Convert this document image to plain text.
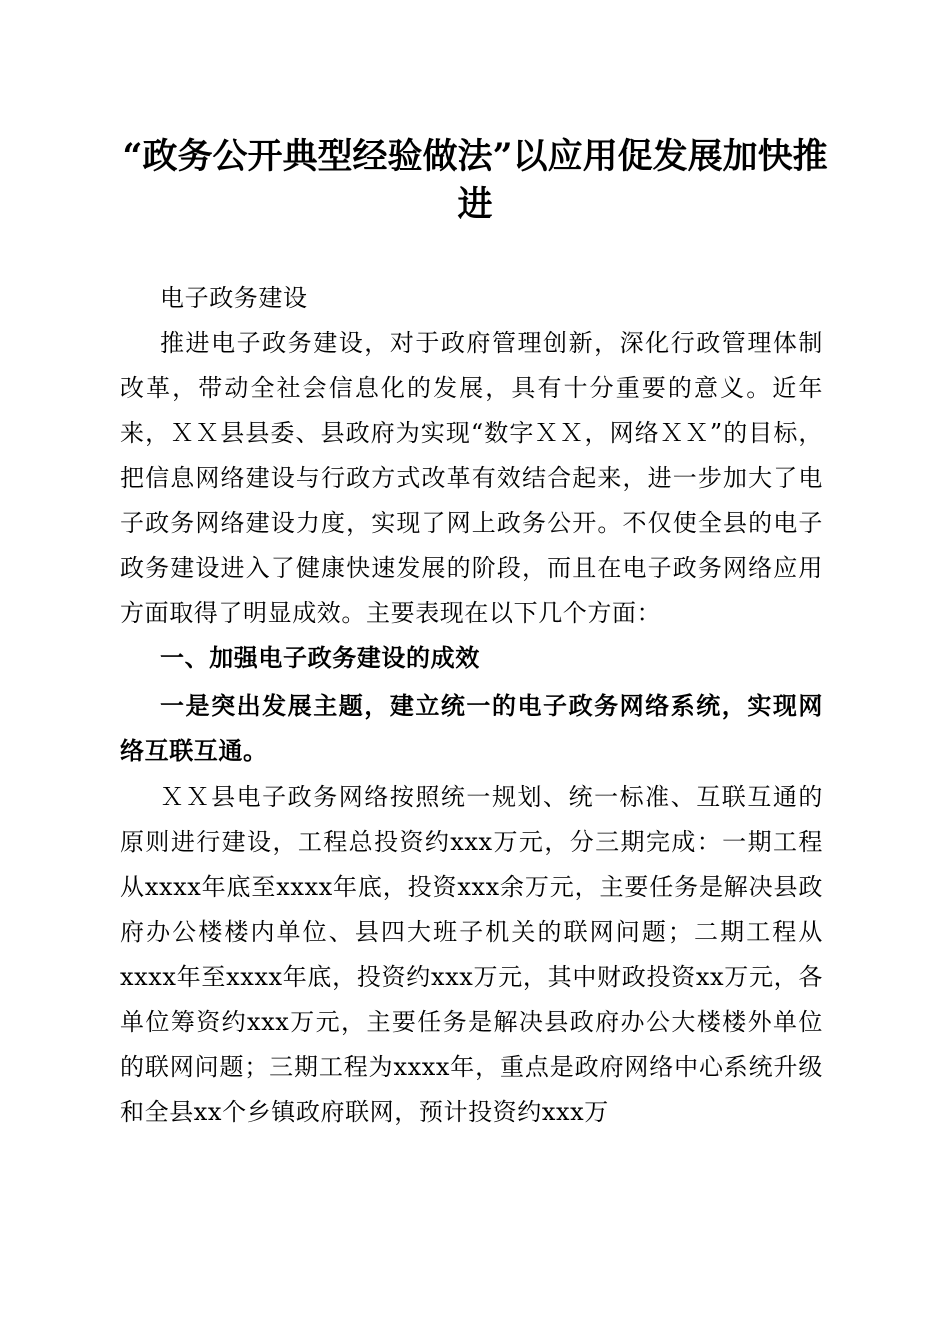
“政务公开典型经验做法”以应用促发展加快推进

电子政务建设

推进电子政务建设，对于政府管理创新，深化行政管理体制改革，带动全社会信息化的发展，具有十分重要的意义。近年来，ＸＸ县县委、县政府为实现“数字ＸＸ，网络ＸＸ”的目标，把信息网络建设与行政方式改革有效结合起来，进一步加大了电子政务网络建设力度，实现了网上政务公开。不仅使全县的电子政务建设进入了健康快速发展的阶段，而且在电子政务网络应用方面取得了明显成效。主要表现在以下几个方面：

一、加强电子政务建设的成效

一是突出发展主题，建立统一的电子政务网络系统，实现网络互联互通。

ＸＸ县电子政务网络按照统一规划、统一标准、互联互通的原则进行建设，工程总投资约xxx万元，分三期完成：一期工程从xxxx年底至xxxx年底，投资xxx余万元，主要任务是解决县政府办公楼楼内单位、县四大班子机关的联网问题；二期工程从xxxx年至xxxx年底，投资约xxx万元，其中财政投资xx万元，各单位筹资约xxx万元，主要任务是解决县政府办公大楼楼外单位的联网问题；三期工程为xxxx年，重点是政府网络中心系统升级和全县xx个乡镇政府联网，预计投资约xxx万
